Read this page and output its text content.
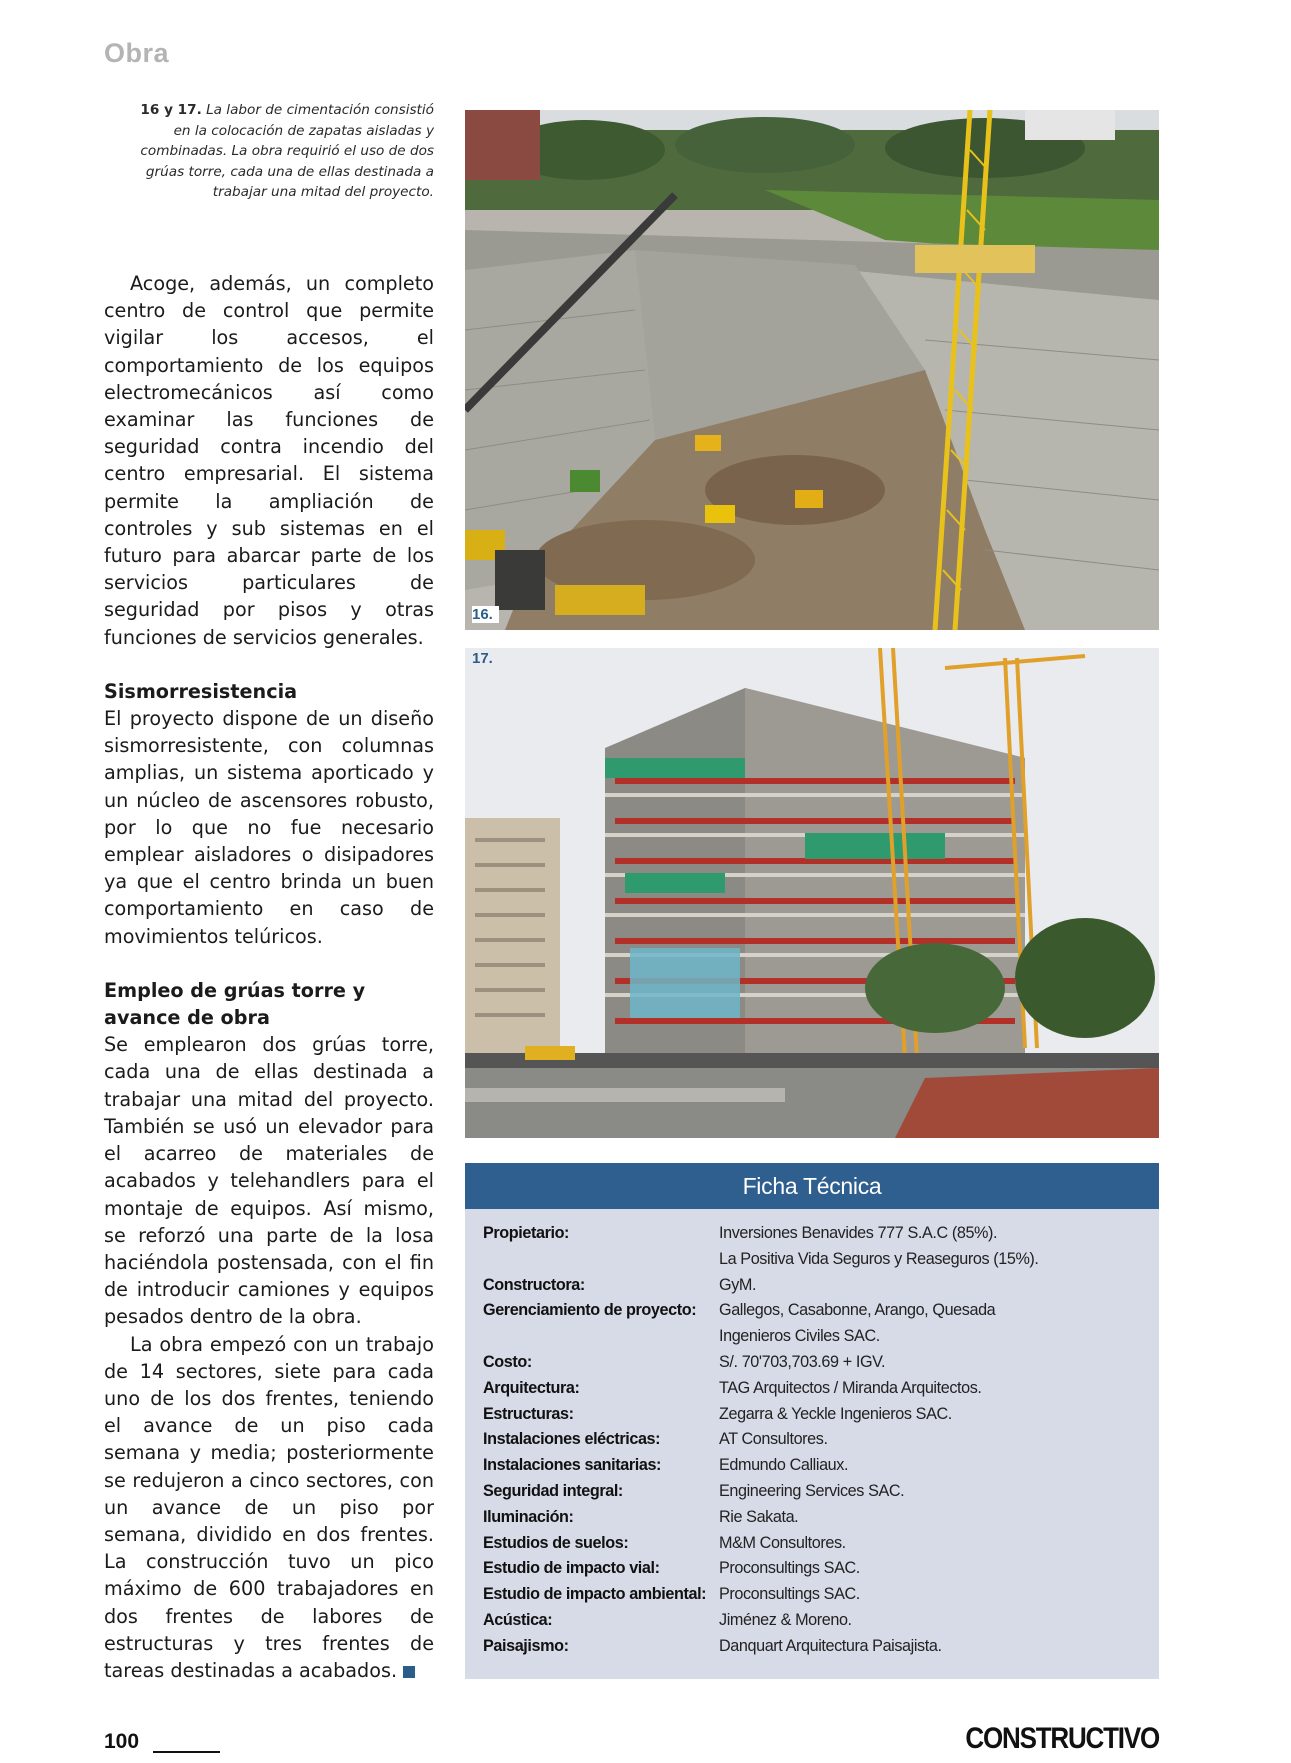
Obra
16 y 17. La labor de cimentación consistió en la colocación de zapatas aisladas y combinadas. La obra requirió el uso de dos grúas torre, cada una de ellas destinada a trabajar una mitad del proyecto.

Acoge, además, un completo centro de control que permite vigilar los accesos, el comportamiento de los equipos electromecánicos así como examinar las funciones de seguridad contra incendio del centro empresarial. El sistema permite la ampliación de controles y sub sistemas en el futuro para abarcar parte de los servicios particulares de seguridad por pisos y otras funciones de servicios generales.

Sismorresistencia

El proyecto dispone de un diseño sismorresistente, con columnas amplias, un sistema aporticado y un núcleo de ascensores robusto, por lo que no fue necesario emplear aisladores o disipadores ya que el centro brinda un buen comportamiento en caso de movimientos telúricos.

Empleo de grúas torre y avance de obra

Se emplearon dos grúas torre, cada una de ellas destinada a trabajar una mitad del proyecto. También se usó un elevador para el acarreo de materiales de acabados y telehandlers para el montaje de equipos. Así mismo, se reforzó una parte de la losa haciéndola postensada, con el fin de introducir camiones y equipos pesados dentro de la obra.

La obra empezó con un trabajo de 14 sectores, siete para cada uno de los dos frentes, teniendo el avance de un piso cada semana y media; posteriormente se redujeron a cinco sectores, con un avance de un piso por semana, dividido en dos frentes. La construcción tuvo un pico máximo de 600 trabajadores en dos frentes de labores de estructuras y tres frentes de tareas destinadas a acabados.

16.
17.
Ficha Técnica
Propietario:	Inversiones Benavides 777 S.A.C (85%).
La Positiva Vida Seguros y Reaseguros (15%).
Constructora:	GyM.
Gerenciamiento de proyecto:	Gallegos, Casabonne, Arango, Quesada
Ingenieros Civiles SAC.
Costo:	S/. 70'703,703.69 + IGV.
Arquitectura:	TAG Arquitectos / Miranda Arquitectos.
Estructuras:	Zegarra & Yeckle Ingenieros SAC.
Instalaciones eléctricas:	AT Consultores.
Instalaciones sanitarias:	Edmundo Calliaux.
Seguridad integral:	Engineering Services SAC.
Iluminación:	Rie Sakata.
Estudios de suelos:	M&M Consultores.
Estudio de impacto vial:	Proconsultings SAC.
Estudio de impacto ambiental: Proconsultings SAC.
Acústica:	Jiménez & Moreno.
Paisajismo:	Danquart Arquitectura Paisajista.
100	CONSTRUCTIVO
